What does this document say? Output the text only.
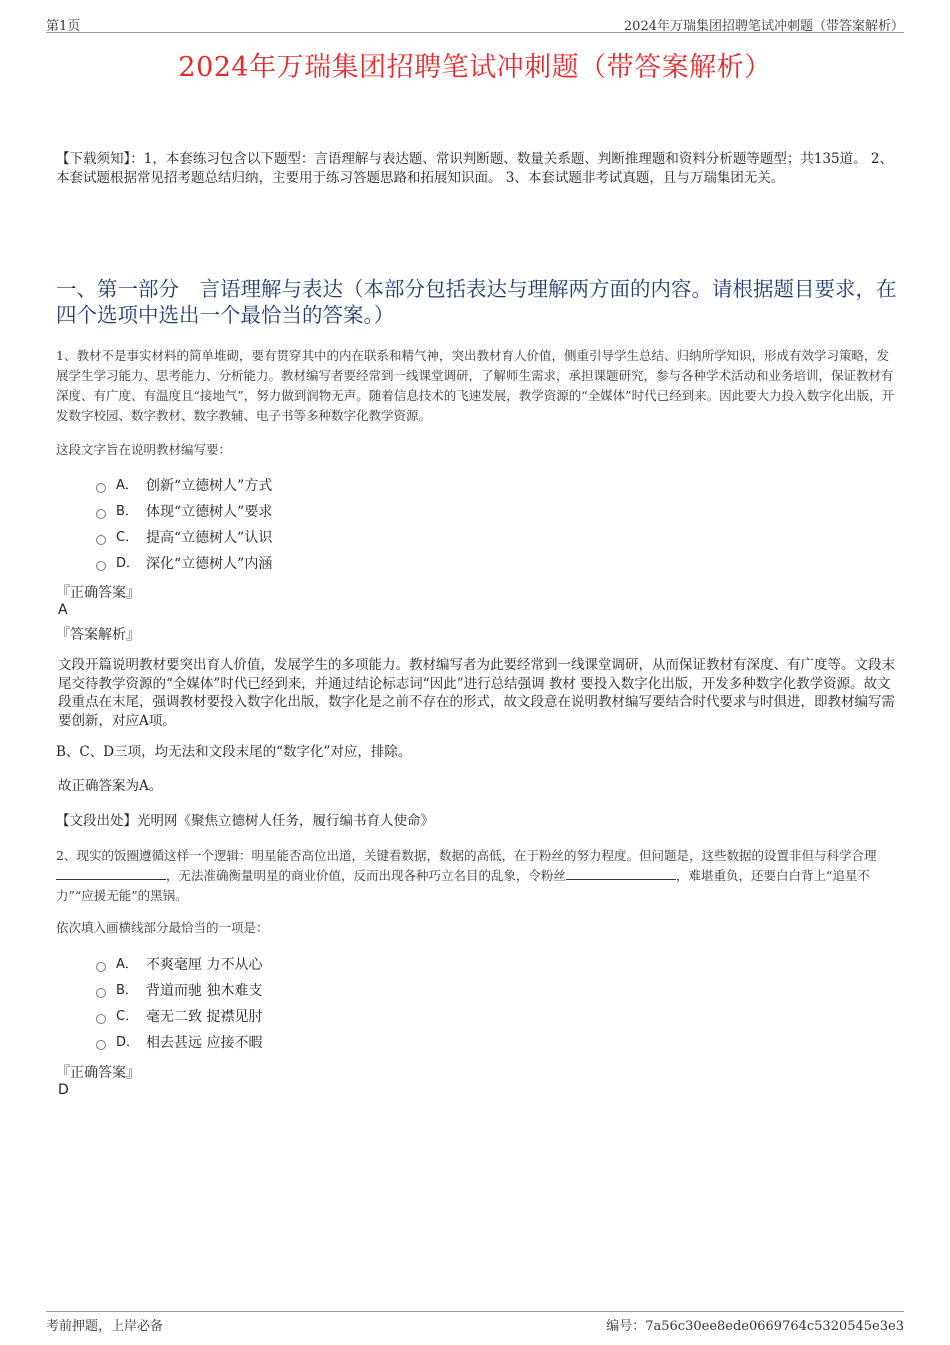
第1页	2024年万瑞集团招聘笔试冲刺题（带答案解析）
2024年万瑞集团招聘笔试冲刺题（带答案解析）
【下载须知】：1，本套练习包含以下题型：言语理解与表达题、常识判断题、数量关系题、判断推理题和资料分析题等题型；共135道。 2、本套试题根据常见招考题总结归纳，主要用于练习答题思路和拓展知识面。 3、本套试题非考试真题，且与万瑞集团无关。
一、第一部分　言语理解与表达（本部分包括表达与理解两方面的内容。请根据题目要求，在四个选项中选出一个最恰当的答案。）
1、教材不是事实材料的简单堆砌，要有贯穿其中的内在联系和精气神，突出教材育人价值，侧重引导学生总结、归纳所学知识，形成有效学习策略，发展学生学习能力、思考能力、分析能力。教材编写者要经常到一线课堂调研，了解师生需求，承担课题研究，参与各种学术活动和业务培训，保证教材有深度、有广度、有温度且“接地气”，努力做到润物无声。随着信息技术的飞速发展，教学资源的“全媒体”时代已经到来。因此要大力投入数字化出版，开发数字校园、数字教材、数字教辅、电子书等多种数字化教学资源。
这段文字旨在说明教材编写要：
A． 创新“立德树人”方式
B． 体现“立德树人”要求
C． 提高“立德树人”认识
D． 深化“立德树人”内涵
『正确答案』
A
『答案解析』
文段开篇说明教材要突出育人价值，发展学生的多项能力。教材编写者为此要经常到一线课堂调研，从而保证教材有深度、有广度等。文段末尾交待教学资源的“全媒体”时代已经到来，并通过结论标志词“因此”进行总结强调 教材 要投入数字化出版，开发多种数字化教学资源。故文段重点在末尾，强调教材要投入数字化出版，数字化是之前不存在的形式，故文段意在说明教材编写要结合时代要求与时俱进，即教材编写需要创新，对应A项。
B、C、D三项，均无法和文段末尾的“数字化”对应，排除。
故正确答案为A。
【文段出处】光明网《聚焦立德树人任务，履行编书育人使命》
2、现实的饭圈遵循这样一个逻辑：明星能否高位出道，关键看数据，数据的高低，在于粉丝的努力程度。但问题是，这些数据的设置非但与科学合理，无法准确衡量明星的商业价值，反而出现各种巧立名目的乱象，令粉丝	，难堪重负，还要白白背上“追星不力”“应援无能”的黑锅。
依次填入画横线部分最恰当的一项是：
A． 不爽毫厘 力不从心
B． 背道而驰 独木难支
C． 毫无二致 捉襟见肘
D． 相去甚远 应接不暇
『正确答案』
D
考前押题，上岸必备	编号：7a56c30ee8ede0669764c5320545e3e3
